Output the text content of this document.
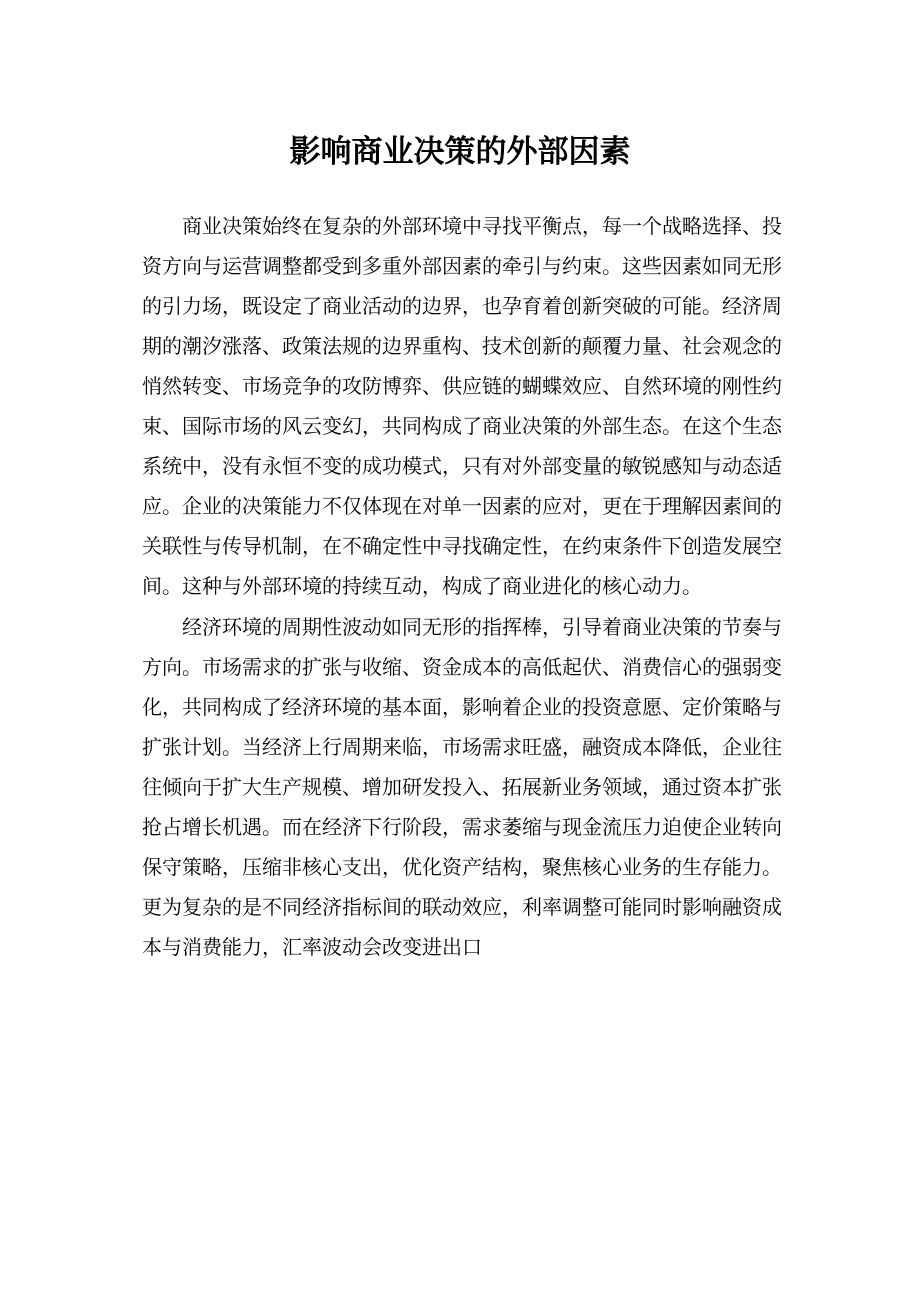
影响商业决策的外部因素

商业决策始终在复杂的外部环境中寻找平衡点，每一个战略选择、投资方向与运营调整都受到多重外部因素的牵引与约束。这些因素如同无形的引力场，既设定了商业活动的边界，也孕育着创新突破的可能。经济周期的潮汐涨落、政策法规的边界重构、技术创新的颠覆力量、社会观念的悄然转变、市场竞争的攻防博弈、供应链的蝴蝶效应、自然环境的刚性约束、国际市场的风云变幻，共同构成了商业决策的外部生态。在这个生态系统中，没有永恒不变的成功模式，只有对外部变量的敏锐感知与动态适应。企业的决策能力不仅体现在对单一因素的应对，更在于理解因素间的关联性与传导机制，在不确定性中寻找确定性，在约束条件下创造发展空间。这种与外部环境的持续互动，构成了商业进化的核心动力。

经济环境的周期性波动如同无形的指挥棒，引导着商业决策的节奏与方向。市场需求的扩张与收缩、资金成本的高低起伏、消费信心的强弱变化，共同构成了经济环境的基本面，影响着企业的投资意愿、定价策略与扩张计划。当经济上行周期来临，市场需求旺盛，融资成本降低，企业往往倾向于扩大生产规模、增加研发投入、拓展新业务领域，通过资本扩张抢占增长机遇。而在经济下行阶段，需求萎缩与现金流压力迫使企业转向保守策略，压缩非核心支出，优化资产结构，聚焦核心业务的生存能力。更为复杂的是不同经济指标间的联动效应，利率调整可能同时影响融资成本与消费能力，汇率波动会改变进出口
